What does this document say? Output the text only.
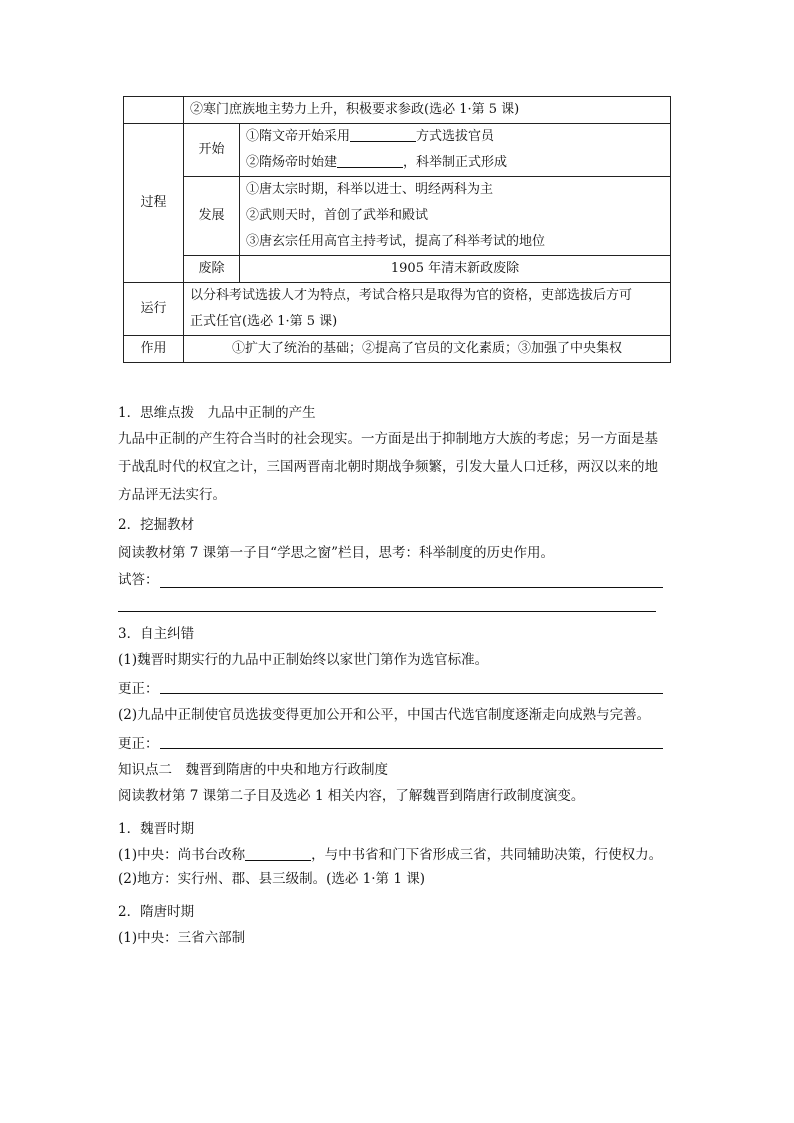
	②寒门庶族地主势力上升，积极要求参政(选必 1·第 5 课)	
过程	开始	①隋文帝开始采用 方式选拔官员
②隋炀帝时始建 ，科举制正式形成

	发展	①唐太宗时期，科举以进士、明经两科为主
②武则天时，首创了武举和殿试
③唐玄宗任用高官主持考试，提高了科举考试的地位

	废除	1905 年清末新政废除
运行	以分科考试选拔人才为特点，考试合格只是取得为官的资格，吏部选拔后方可
正式任官(选必 1·第 5 课)	

作用	①扩大了统治的基础；②提高了官员的文化素质；③加强了中央集权	
1．思维点拨　九品中正制的产生
九品中正制的产生符合当时的社会现实。一方面是出于抑制地方大族的考虑；另一方面是基
于战乱时代的权宜之计，三国两晋南北朝时期战争频繁，引发大量人口迁移，两汉以来的地
方品评无法实行。
2．挖掘教材
阅读教材第 7 课第一子目“学思之窗”栏目，思考：科举制度的历史作用。
试答：
3．自主纠错
(1)魏晋时期实行的九品中正制始终以家世门第作为选官标准。
更正：
(2)九品中正制使官员选拔变得更加公开和公平，中国古代选官制度逐渐走向成熟与完善。
更正：
知识点二　魏晋到隋唐的中央和地方行政制度
阅读教材第 7 课第二子目及选必 1 相关内容，了解魏晋到隋唐行政制度演变。
1．魏晋时期
(1)中央：尚书台改称	，与中书省和门下省形成三省，共同辅助决策，行使权力。
(2)地方：实行州、郡、县三级制。(选必 1·第 1 课)
2．隋唐时期
(1)中央：三省六部制
